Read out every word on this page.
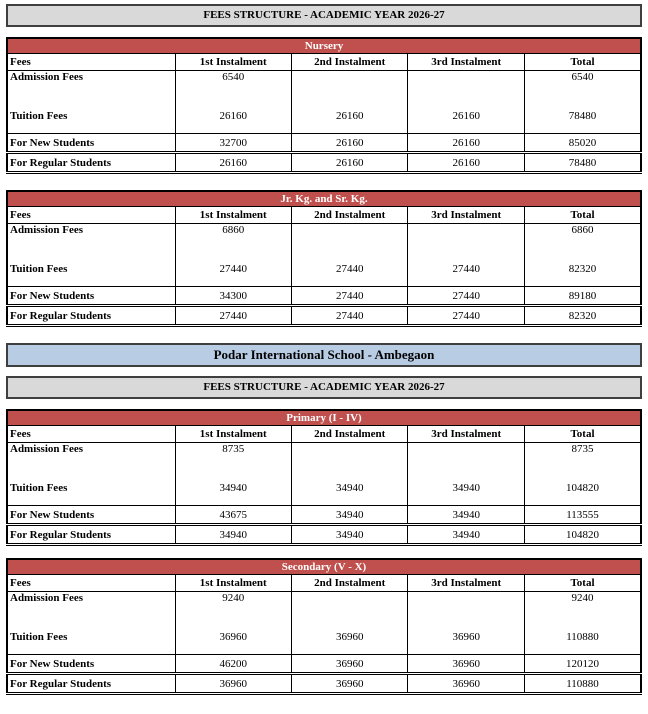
FEES STRUCTURE - ACADEMIC YEAR 2026-27
Nursery				
Fees	1st Instalment	2nd Instalment	3rd Instalment	Total
Admission Fees	6540			6540
Tuition Fees	26160	26160	26160	78480
For New Students	32700	26160	26160	85020
For Regular Students	26160	26160	26160	78480
Jr. Kg. and Sr. Kg.				
Fees	1st Instalment	2nd Instalment	3rd Instalment	Total
Admission Fees	6860			6860
Tuition Fees	27440	27440	27440	82320
For New Students	34300	27440	27440	89180
For Regular Students	27440	27440	27440	82320
Podar International School - Ambegaon
FEES STRUCTURE - ACADEMIC YEAR 2026-27
Primary (I - IV)				
Fees	1st Instalment	2nd Instalment	3rd Instalment	Total
Admission Fees	8735			8735
Tuition Fees	34940	34940	34940	104820
For New Students	43675	34940	34940	113555
For Regular Students	34940	34940	34940	104820
Secondary (V - X)				
Fees	1st Instalment	2nd Instalment	3rd Instalment	Total
Admission Fees	9240			9240
Tuition Fees	36960	36960	36960	110880
For New Students	46200	36960	36960	120120
For Regular Students	36960	36960	36960	110880
